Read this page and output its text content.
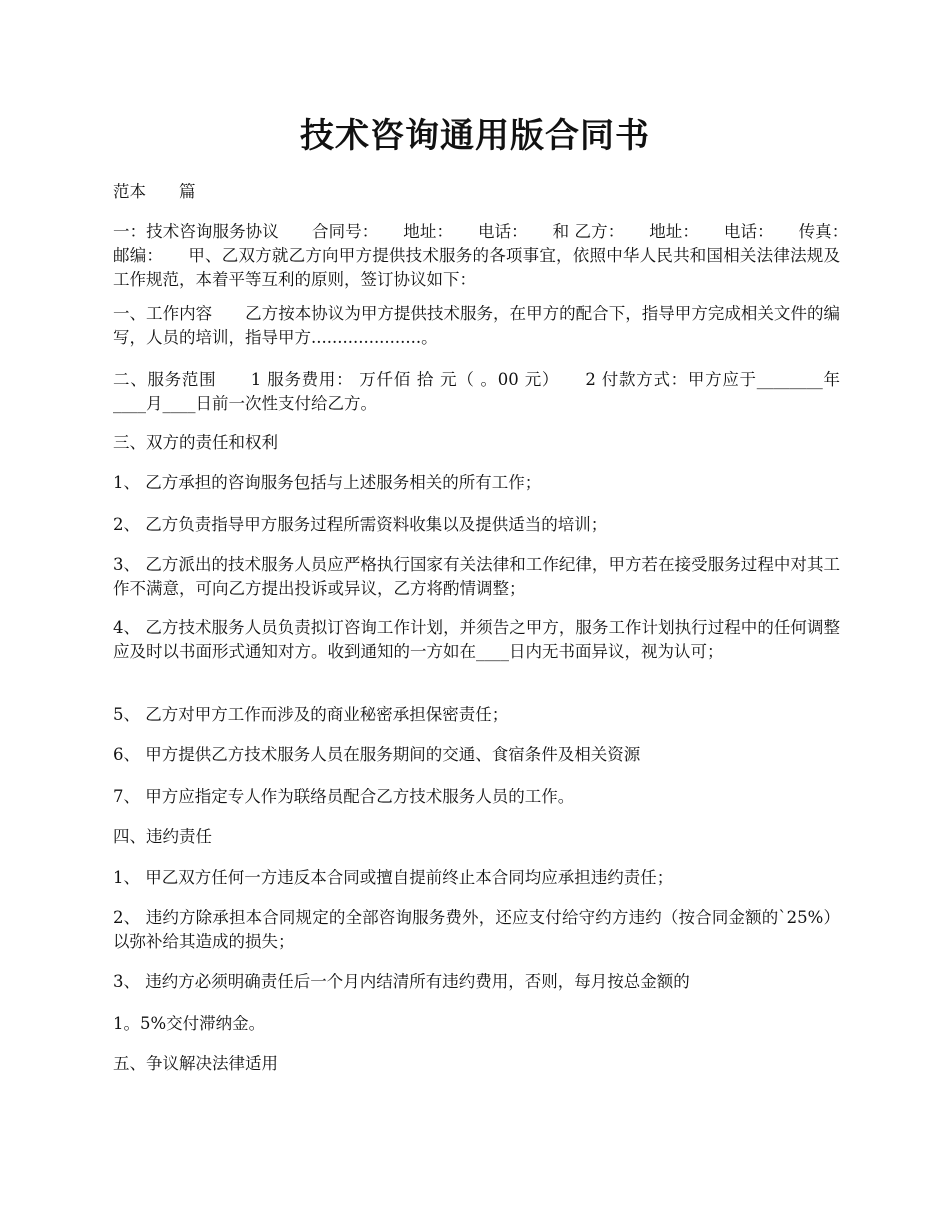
技术咨询通用版合同书
范本　　篇
一：技术咨询服务协议　　合同号：　　地址：　　电话：　　和 乙方：　　地址：　　电话：　　传真：　　邮编：　　甲、乙双方就乙方向甲方提供技术服务的各项事宜，依照中华人民共和国相关法律法规及工作规范，本着平等互利的原则，签订协议如下：
一、工作内容　　乙方按本协议为甲方提供技术服务，在甲方的配合下，指导甲方完成相关文件的编写，人员的培训，指导甲方.....................。
二、服务范围　　1 服务费用： 万仟佰 拾 元（ 。00 元）　　2 付款方式：甲方应于________年____月____日前一次性支付给乙方。
三、双方的责任和权利
1、 乙方承担的咨询服务包括与上述服务相关的所有工作；
2、 乙方负责指导甲方服务过程所需资料收集以及提供适当的培训；
3、 乙方派出的技术服务人员应严格执行国家有关法律和工作纪律，甲方若在接受服务过程中对其工作不满意，可向乙方提出投诉或异议，乙方将酌情调整；
4、 乙方技术服务人员负责拟订咨询工作计划，并须告之甲方，服务工作计划执行过程中的任何调整应及时以书面形式通知对方。收到通知的一方如在____日内无书面异议，视为认可；
5、 乙方对甲方工作而涉及的商业秘密承担保密责任；
6、 甲方提供乙方技术服务人员在服务期间的交通、食宿条件及相关资源
7、 甲方应指定专人作为联络员配合乙方技术服务人员的工作。
四、违约责任
1、 甲乙双方任何一方违反本合同或擅自提前终止本合同均应承担违约责任；
2、 违约方除承担本合同规定的全部咨询服务费外，还应支付给守约方违约（按合同金额的`25%）以弥补给其造成的损失；
3、 违约方必须明确责任后一个月内结清所有违约费用，否则，每月按总金额的
1。5%交付滞纳金。
五、争议解决法律适用
